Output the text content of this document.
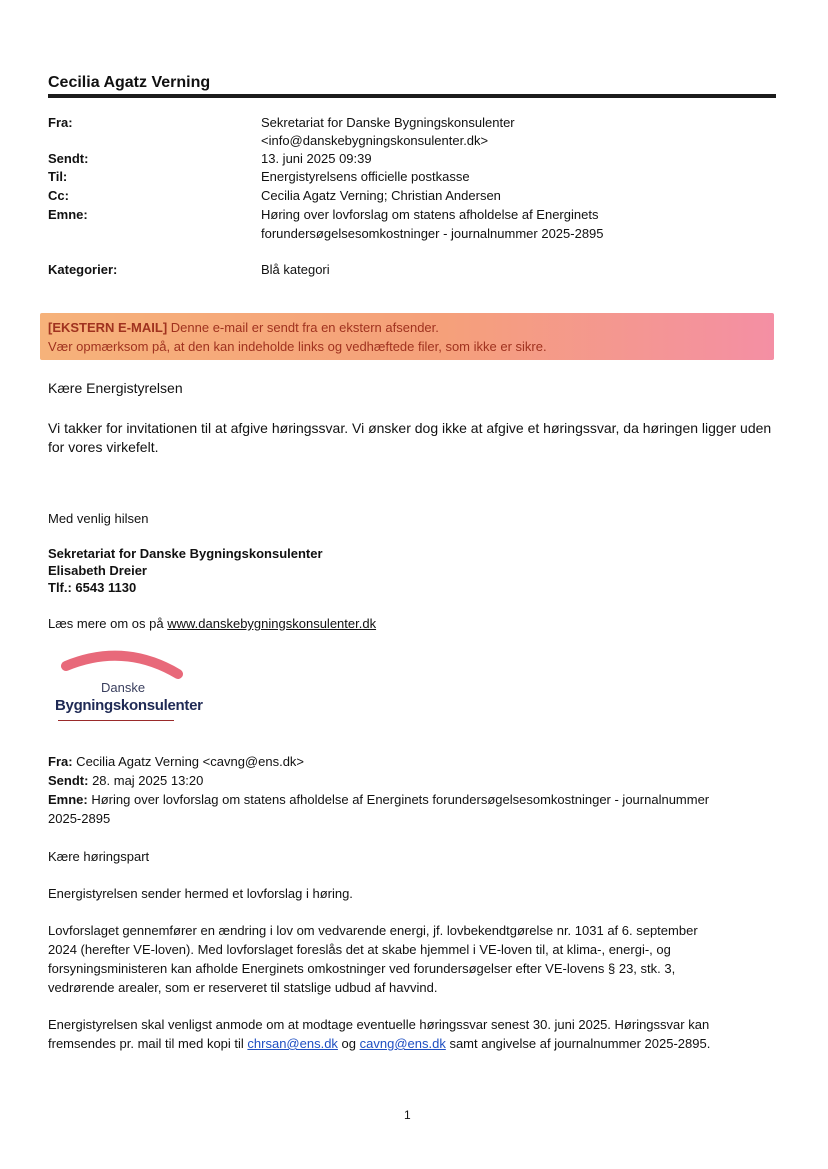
Cecilia Agatz Verning
Fra:	Sekretariat for Danske Bygningskonsulenter
<info@danskebygningskonsulenter.dk>
Sendt:	13. juni 2025 09:39
Til:	Energistyrelsens officielle postkasse
Cc:	Cecilia Agatz Verning; Christian Andersen
Emne:	Høring over lovforslag om statens afholdelse af Energinets
forundersøgelsesomkostninger - journalnummer 2025-2895
Kategorier:	Blå kategori
[EKSTERN E-MAIL] Denne e-mail er sendt fra en ekstern afsender.
Vær opmærksom på, at den kan indeholde links og vedhæftede filer, som ikke er sikre.
Kære Energistyrelsen
Vi takker for invitationen til at afgive høringssvar. Vi ønsker dog ikke at afgive et høringssvar, da høringen ligger uden
for vores virkefelt.
Med venlig hilsen
Sekretariat for Danske Bygningskonsulenter
Elisabeth Dreier
Tlf.: 6543 1130
Læs mere om os på www.danskebygningskonsulenter.dk
Danske
Bygningskonsulenter
Fra: Cecilia Agatz Verning <cavng@ens.dk>
Sendt: 28. maj 2025 13:20
Emne: Høring over lovforslag om statens afholdelse af Energinets forundersøgelsesomkostninger - journalnummer
2025-2895
Kære høringspart
Energistyrelsen sender hermed et lovforslag i høring.
Lovforslaget gennemfører en ændring i lov om vedvarende energi, jf. lovbekendtgørelse nr. 1031 af 6. september
2024 (herefter VE-loven). Med lovforslaget foreslås det at skabe hjemmel i VE-loven til, at klima-, energi-, og
forsyningsministeren kan afholde Energinets omkostninger ved forundersøgelser efter VE-lovens § 23, stk. 3,
vedrørende arealer, som er reserveret til statslige udbud af havvind.
Energistyrelsen skal venligst anmode om at modtage eventuelle høringssvar senest 30. juni 2025. Høringssvar kan
fremsendes pr. mail til med kopi til chrsan@ens.dk og cavng@ens.dk samt angivelse af journalnummer 2025-2895.
1
